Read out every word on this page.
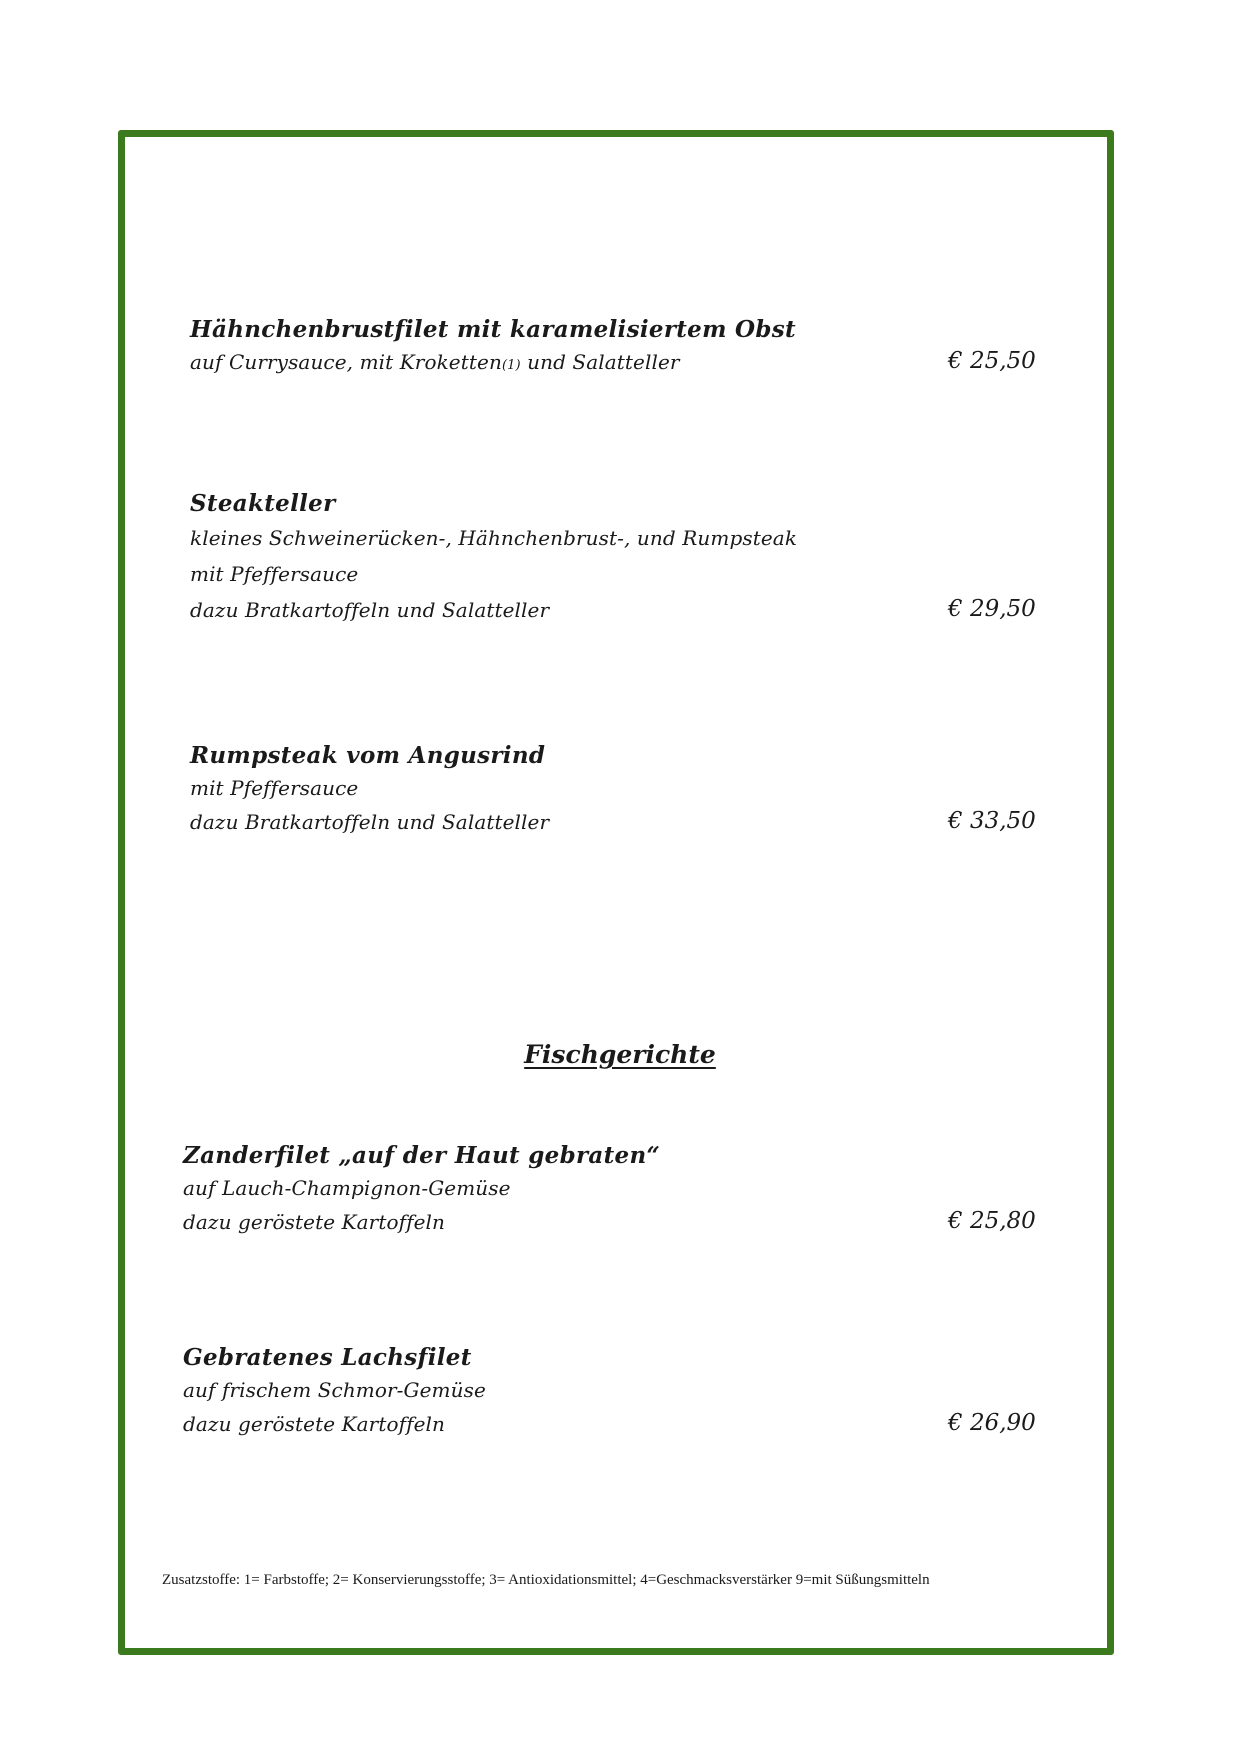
Hähnchenbrustfilet mit karamelisiertem Obst

auf Currysauce, mit Kroketten(1) und Salatteller	€ 25,50

Steakteller

kleines Schweinerücken-, Hähnchenbrust-, und Rumpsteak

mit Pfeffersauce

dazu Bratkartoffeln und Salatteller	€ 29,50

Rumpsteak vom Angusrind

mit Pfeffersauce

dazu Bratkartoffeln und Salatteller	€ 33,50

Fischgerichte

Zanderfilet „auf der Haut gebraten“

auf Lauch-Champignon-Gemüse

dazu geröstete Kartoffeln	€ 25,80

Gebratenes Lachsfilet

auf frischem Schmor-Gemüse

dazu geröstete Kartoffeln	€ 26,90

Zusatzstoffe: 1= Farbstoffe; 2= Konservierungsstoffe; 3= Antioxidationsmittel; 4=Geschmacksverstärker 9=mit Süßungsmitteln
